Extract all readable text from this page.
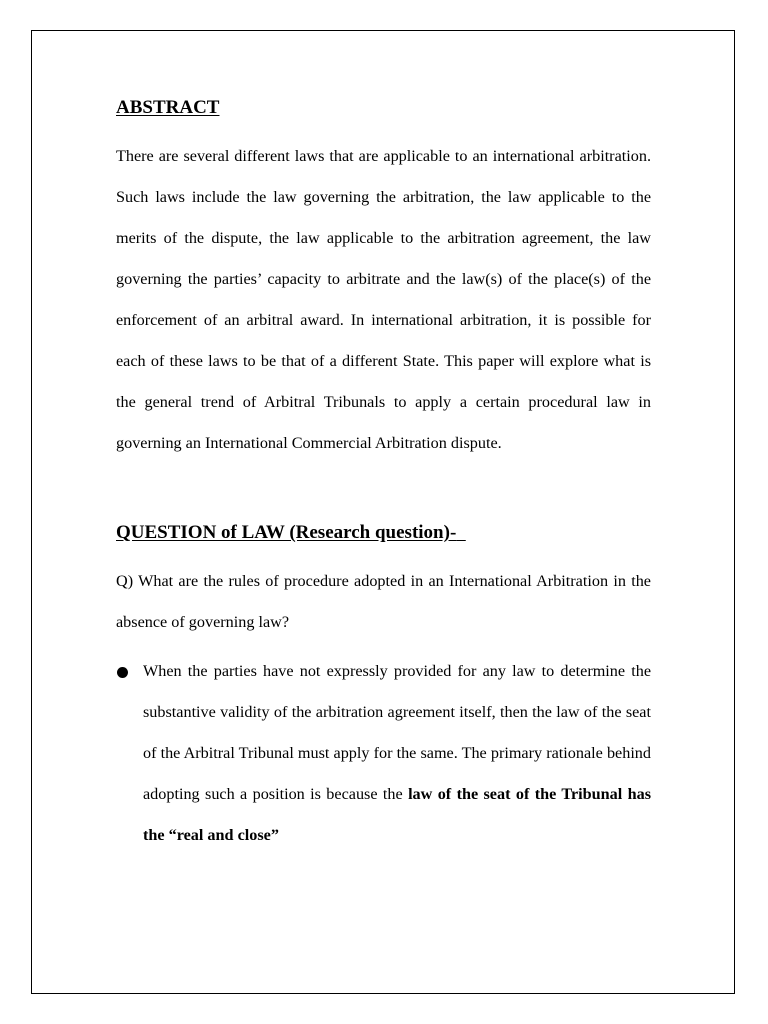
ABSTRACT

There are several different laws that are applicable to an international arbitration. Such laws include the law governing the arbitration, the law applicable to the merits of the dispute, the law applicable to the arbitration agreement, the law governing the parties’ capacity to arbitrate and the law(s) of the place(s) of the enforcement of an arbitral award. In international arbitration, it is possible for each of these laws to be that of a different State. This paper will explore what is the general trend of Arbitral Tribunals to apply a certain procedural law in governing an International Commercial Arbitration dispute.

QUESTION of LAW (Research question)-

Q) What are the rules of procedure adopted in an International Arbitration in the absence of governing law?

When the parties have not expressly provided for any law to determine the substantive validity of the arbitration agreement itself, then the law of the seat of the Arbitral Tribunal must apply for the same. The primary rationale behind adopting such a position is because the law of the seat of the Tribunal has the “real and close”
